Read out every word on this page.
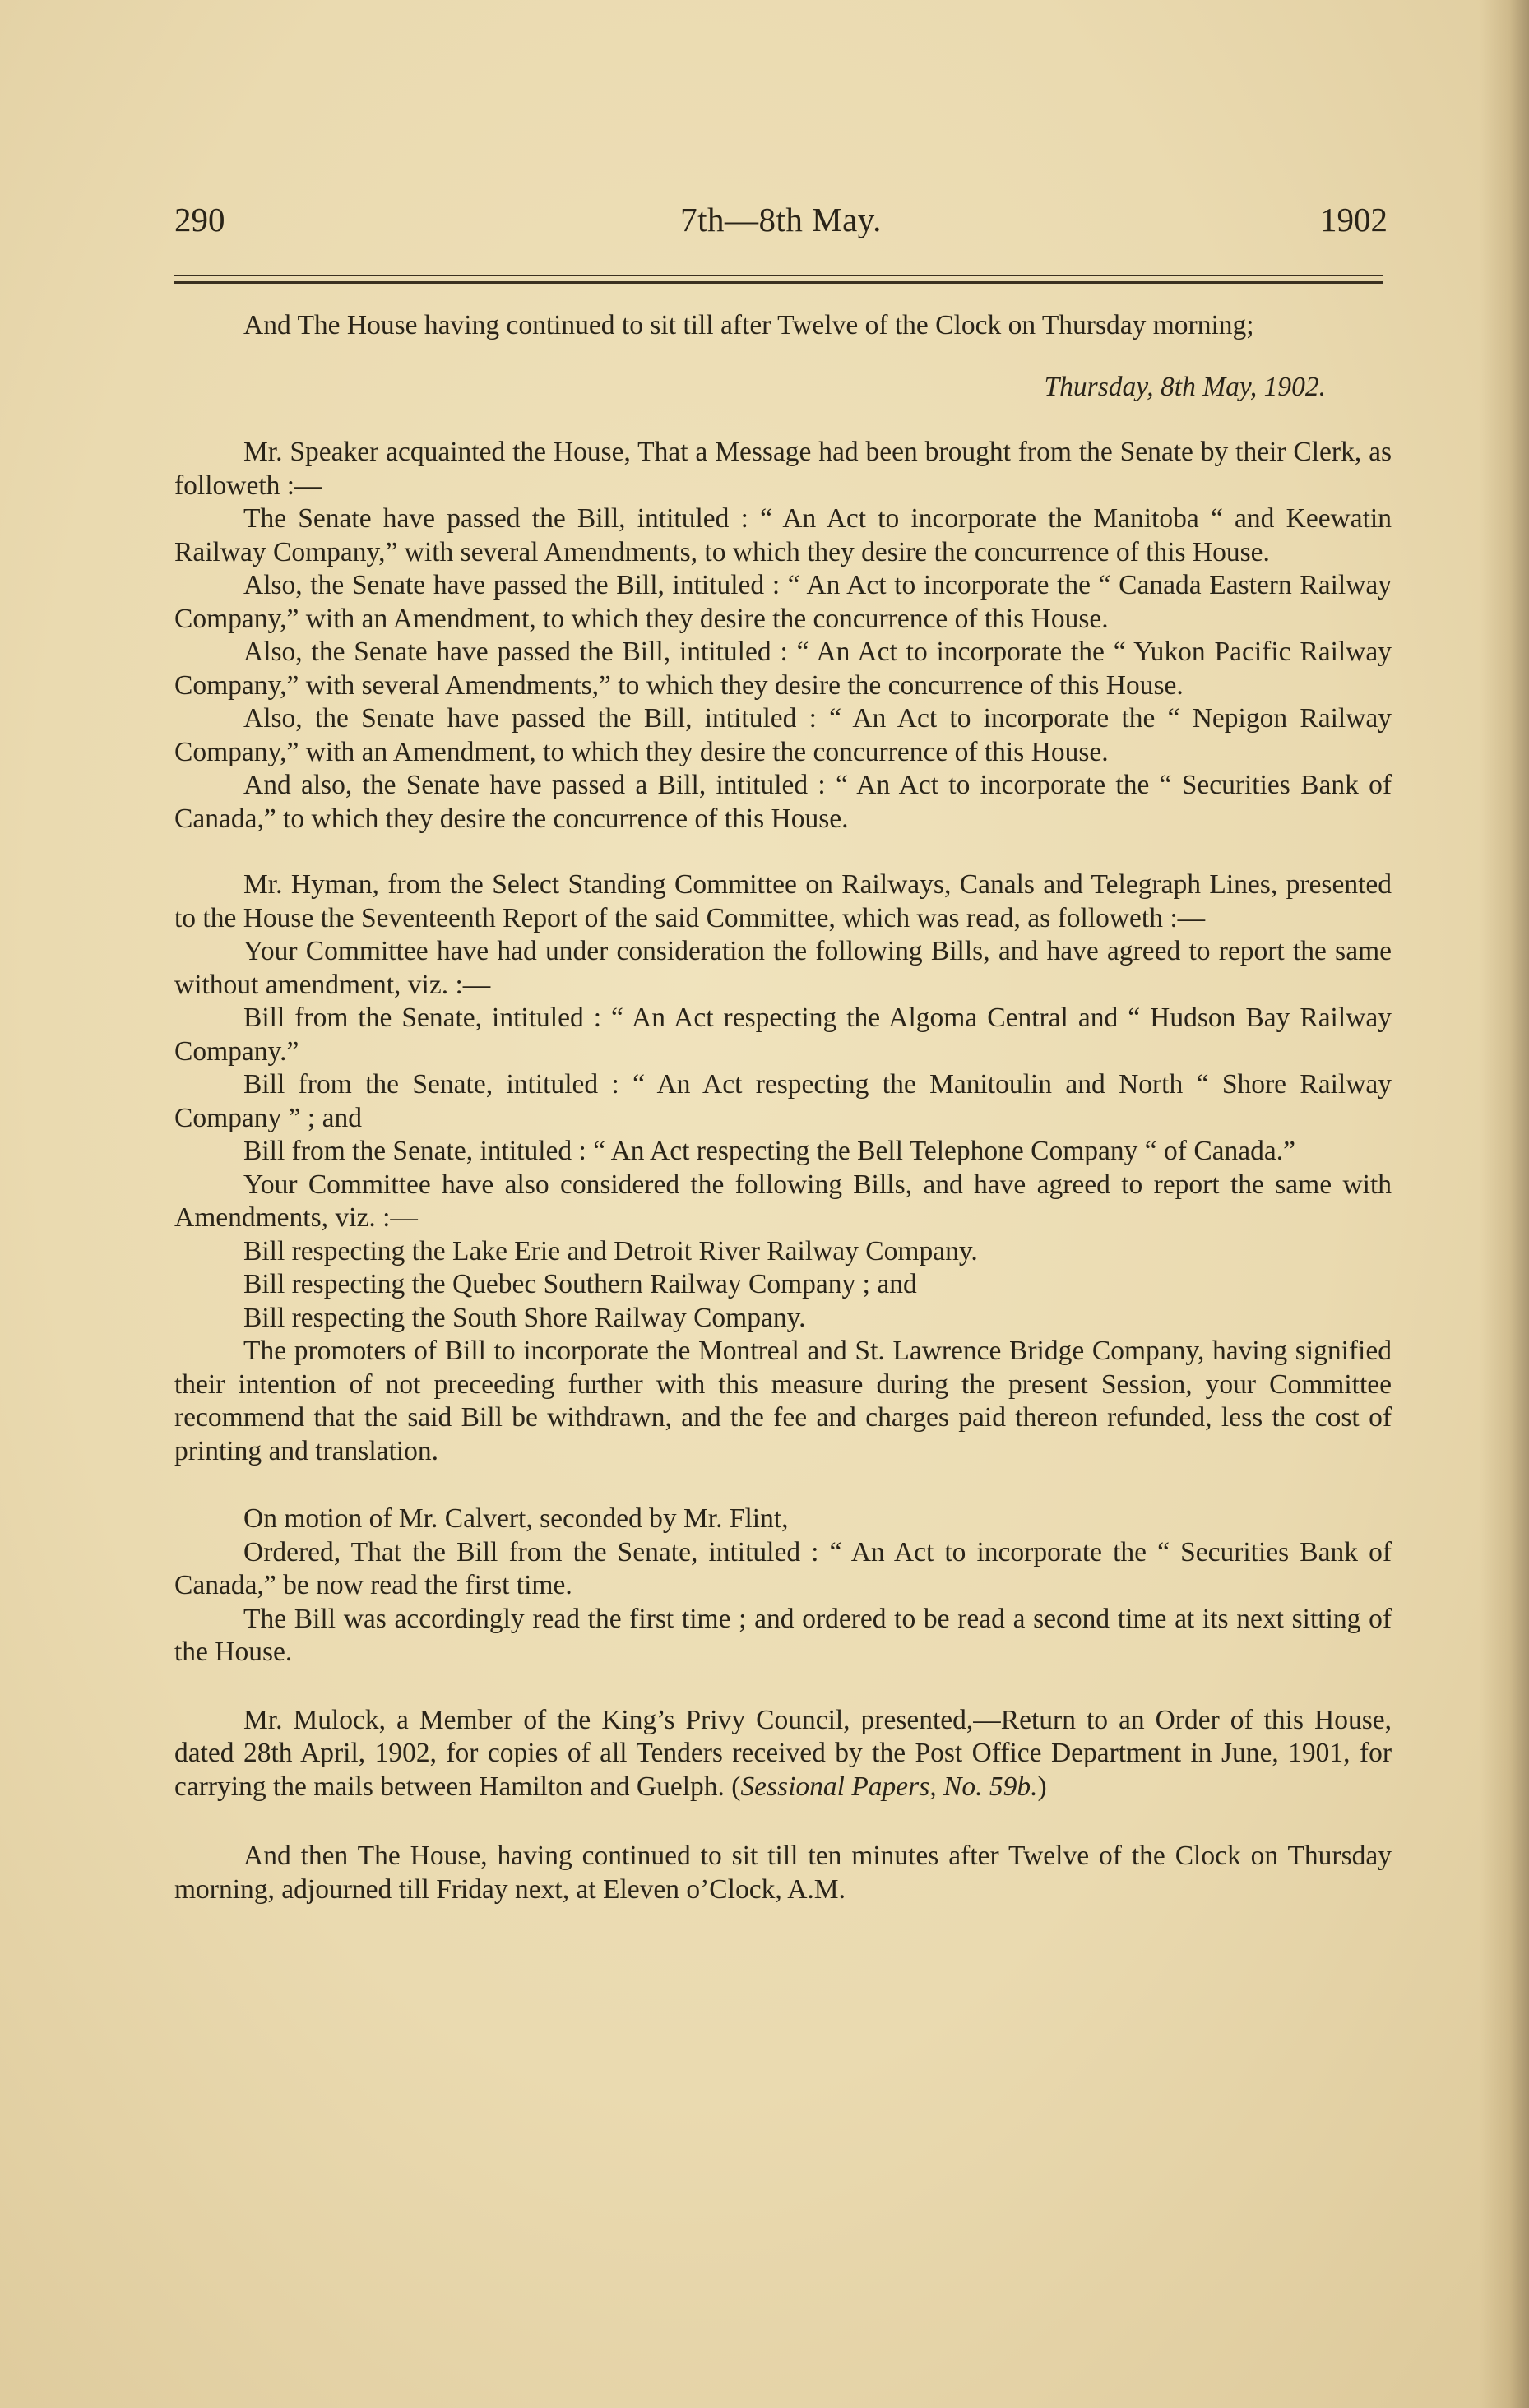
290	7th—8th May.	1902

And The House having continued to sit till after Twelve of the Clock on Thursday morning;

Thursday, 8th May, 1902.

Mr. Speaker acquainted the House, That a Message had been brought from the Senate by their Clerk, as followeth :—

The Senate have passed the Bill, intituled : “ An Act to incorporate the Manitoba “ and Keewatin Railway Company,” with several Amendments, to which they desire the concurrence of this House.

Also, the Senate have passed the Bill, intituled : “ An Act to incorporate the “ Canada Eastern Railway Company,” with an Amendment, to which they desire the concurrence of this House.

Also, the Senate have passed the Bill, intituled : “ An Act to incorporate the “ Yukon Pacific Railway Company,” with several Amendments,” to which they desire the concurrence of this House.

Also, the Senate have passed the Bill, intituled : “ An Act to incorporate the “ Nepigon Railway Company,” with an Amendment, to which they desire the concurrence of this House.

And also, the Senate have passed a Bill, intituled : “ An Act to incorporate the “ Securities Bank of Canada,” to which they desire the concurrence of this House.

Mr. Hyman, from the Select Standing Committee on Railways, Canals and Telegraph Lines, presented to the House the Seventeenth Report of the said Committee, which was read, as followeth :—

Your Committee have had under consideration the following Bills, and have agreed to report the same without amendment, viz. :—

Bill from the Senate, intituled : “ An Act respecting the Algoma Central and “ Hudson Bay Railway Company.”

Bill from the Senate, intituled : “ An Act respecting the Manitoulin and North “ Shore Railway Company ” ; and

Bill from the Senate, intituled : “ An Act respecting the Bell Telephone Company “ of Canada.”

Your Committee have also considered the following Bills, and have agreed to report the same with Amendments, viz. :—

Bill respecting the Lake Erie and Detroit River Railway Company.

Bill respecting the Quebec Southern Railway Company ; and

Bill respecting the South Shore Railway Company.

The promoters of Bill to incorporate the Montreal and St. Lawrence Bridge Company, having signified their intention of not preceeding further with this measure during the present Session, your Committee recommend that the said Bill be withdrawn, and the fee and charges paid thereon refunded, less the cost of printing and translation.

On motion of Mr. Calvert, seconded by Mr. Flint,

Ordered, That the Bill from the Senate, intituled : “ An Act to incorporate the “ Securities Bank of Canada,” be now read the first time.

The Bill was accordingly read the first time ; and ordered to be read a second time at its next sitting of the House.

Mr. Mulock, a Member of the King’s Privy Council, presented,—Return to an Order of this House, dated 28th April, 1902, for copies of all Tenders received by the Post Office Department in June, 1901, for carrying the mails between Hamilton and Guelph. (Sessional Papers, No. 59b.)

And then The House, having continued to sit till ten minutes after Twelve of the Clock on Thursday morning, adjourned till Friday next, at Eleven o’Clock, A.M.
